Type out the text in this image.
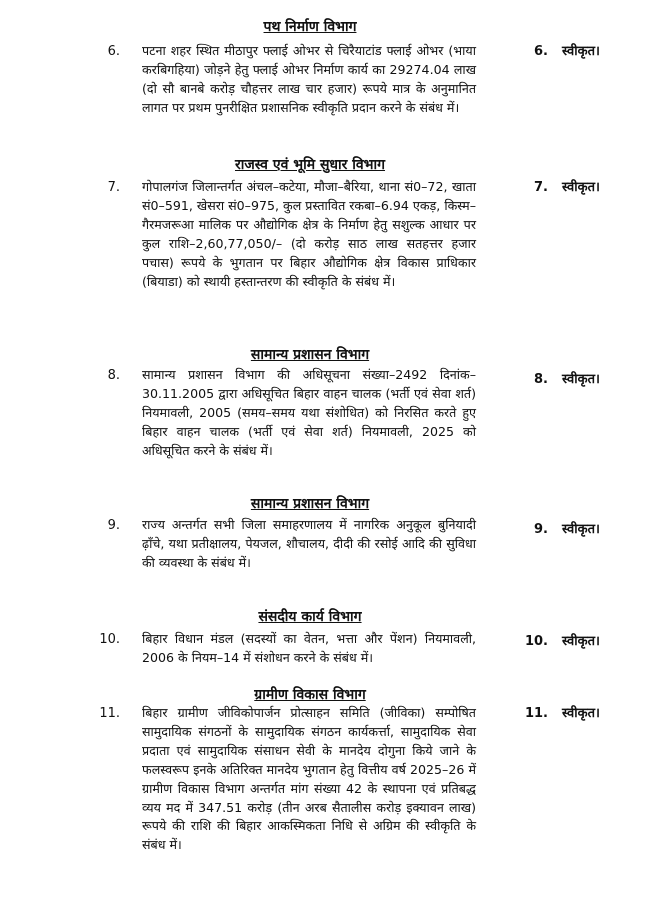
पथ निर्माण विभाग
6. पटना शहर स्थित मीठापुर फ्लाई ओभर से चिरैयाटांड फ्लाई ओभर (भाया करबिगहिया) जोड़ने हेतु फ्लाई ओभर निर्माण कार्य का 29274.04 लाख (दो सौ बानबे करोड़ चौहत्तर लाख चार हजार) रूपये मात्र के अनुमानित लागत पर प्रथम पुनरीक्षित प्रशासनिक स्वीकृति प्रदान करने के संबंध में।
6. स्वीकृत।
राजस्व एवं भूमि सुधार विभाग
7. गोपालगंज जिलान्तर्गत अंचल–कटेया, मौजा–बैरिया, थाना सं0–72, खाता सं0–591, खेसरा सं0–975, कुल प्रस्तावित रकबा–6.94 एकड़, किस्म–गैरमजरूआ मालिक पर औद्योगिक क्षेत्र के निर्माण हेतु सशुल्क आधार पर कुल राशि–2,60,77,050/– (दो करोड़ साठ लाख सतहत्तर हजार पचास) रूपये के भुगतान पर बिहार औद्योगिक क्षेत्र विकास प्राधिकार (बियाडा) को स्थायी हस्तान्तरण की स्वीकृति के संबंध में।
7. स्वीकृत।
सामान्य प्रशासन विभाग
8. सामान्य प्रशासन विभाग की अधिसूचना संख्या–2492 दिनांक–30.11.2005 द्वारा अधिसूचित बिहार वाहन चालक (भर्ती एवं सेवा शर्त) नियमावली, 2005 (समय–समय यथा संशोधित) को निरसित करते हुए बिहार वाहन चालक (भर्ती एवं सेवा शर्त) नियमावली, 2025 को अधिसूचित करने के संबंध में।
8. स्वीकृत।
सामान्य प्रशासन विभाग
9. राज्य अन्तर्गत सभी जिला समाहरणालय में नागरिक अनुकूल बुनियादी ढ़ाँचे, यथा प्रतीक्षालय, पेयजल, शौचालय, दीदी की रसोई आदि की सुविधा की व्यवस्था के संबंध में।
9. स्वीकृत।
संसदीय कार्य विभाग
10. बिहार विधान मंडल (सदस्यों का वेतन, भत्ता और पेंशन) नियमावली, 2006 के नियम–14 में संशोधन करने के संबंध में।
10. स्वीकृत।
ग्रामीण विकास विभाग
11. बिहार ग्रामीण जीविकोपार्जन प्रोत्साहन समिति (जीविका) सम्पोषित सामुदायिक संगठनों के सामुदायिक संगठन कार्यकर्त्ता, सामुदायिक सेवा प्रदाता एवं सामुदायिक संसाधन सेवी के मानदेय दोगुना किये जाने के फलस्वरूप इनके अतिरिक्त मानदेय भुगतान हेतु वित्तीय वर्ष 2025–26 में ग्रामीण विकास विभाग अन्तर्गत मांग संख्या 42 के स्थापना एवं प्रतिबद्ध व्यय मद में 347.51 करोड़ (तीन अरब सैतालीस करोड़ इक्यावन लाख) रूपये की राशि की बिहार आकस्मिकता निधि से अग्रिम की स्वीकृति के संबंध में।
11. स्वीकृत।
